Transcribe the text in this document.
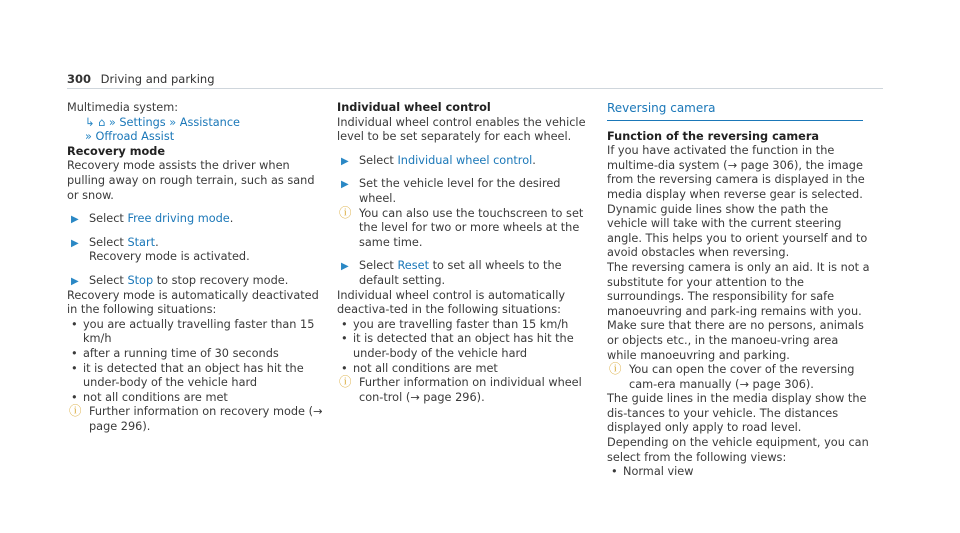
300 Driving and parking

Multimedia system:

↳ ⌂ » Settings » Assistance

» Offroad Assist

Recovery mode

Recovery mode assists the driver when pulling away on rough terrain, such as sand or snow.

▶ Select Free driving mode.

▶ Select Start.
Recovery mode is activated.

▶ Select Stop to stop recovery mode.

Recovery mode is automatically deactivated in the following situations:

• you are actually travelling faster than 15 km/h

• after a running time of 30 seconds

• it is detected that an object has hit the under-body of the vehicle hard

• not all conditions are met

ⓘ Further information on recovery mode (→ page 296).

Individual wheel control

Individual wheel control enables the vehicle level to be set separately for each wheel.

▶ Select Individual wheel control.

▶ Set the vehicle level for the desired wheel.

ⓘ You can also use the touchscreen to set the level for two or more wheels at the same time.

▶ Select Reset to set all wheels to the default setting.

Individual wheel control is automatically deactiva-ted in the following situations:

• you are travelling faster than 15 km/h

• it is detected that an object has hit the under-body of the vehicle hard

• not all conditions are met

ⓘ Further information on individual wheel con-trol (→ page 296).

Reversing camera

Function of the reversing camera

If you have activated the function in the multime-dia system (→ page 306), the image from the reversing camera is displayed in the media display when reverse gear is selected. Dynamic guide lines show the path the vehicle will take with the current steering angle. This helps you to orient yourself and to avoid obstacles when reversing.

The reversing camera is only an aid. It is not a substitute for your attention to the surroundings. The responsibility for safe manoeuvring and park-ing remains with you. Make sure that there are no persons, animals or objects etc., in the manoeu-vring area while manoeuvring and parking.

ⓘ You can open the cover of the reversing cam-era manually (→ page 306).

The guide lines in the media display show the dis-tances to your vehicle. The distances displayed only apply to road level.

Depending on the vehicle equipment, you can select from the following views:

• Normal view
